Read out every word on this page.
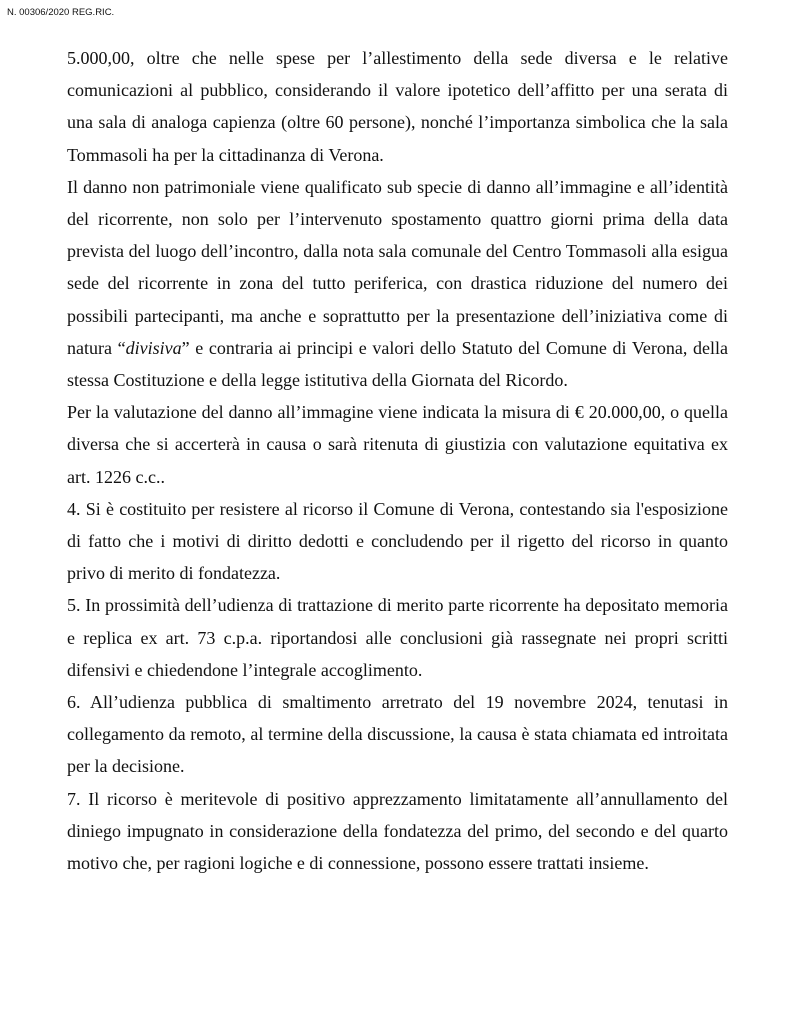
N. 00306/2020 REG.RIC.

5.000,00, oltre che nelle spese per l’allestimento della sede diversa e le relative comunicazioni al pubblico, considerando il valore ipotetico dell’affitto per una serata di una sala di analoga capienza (oltre 60 persone), nonché l’importanza simbolica che la sala Tommasoli ha per la cittadinanza di Verona.

Il danno non patrimoniale viene qualificato sub specie di danno all’immagine e all’identità del ricorrente, non solo per l’intervenuto spostamento quattro giorni prima della data prevista del luogo dell’incontro, dalla nota sala comunale del Centro Tommasoli alla esigua sede del ricorrente in zona del tutto periferica, con drastica riduzione del numero dei possibili partecipanti, ma anche e soprattutto per la presentazione dell’iniziativa come di natura “divisiva” e contraria ai principi e valori dello Statuto del Comune di Verona, della stessa Costituzione e della legge istitutiva della Giornata del Ricordo.

Per la valutazione del danno all’immagine viene indicata la misura di € 20.000,00, o quella diversa che si accerterà in causa o sarà ritenuta di giustizia con valutazione equitativa ex art. 1226 c.c..

4. Si è costituito per resistere al ricorso il Comune di Verona, contestando sia l'esposizione di fatto che i motivi di diritto dedotti e concludendo per il rigetto del ricorso in quanto privo di merito di fondatezza.

5. In prossimità dell’udienza di trattazione di merito parte ricorrente ha depositato memoria e replica ex art. 73 c.p.a. riportandosi alle conclusioni già rassegnate nei propri scritti difensivi e chiedendone l’integrale accoglimento.

6. All’udienza pubblica di smaltimento arretrato del 19 novembre 2024, tenutasi in collegamento da remoto, al termine della discussione, la causa è stata chiamata ed introitata per la decisione.

7. Il ricorso è meritevole di positivo apprezzamento limitatamente all’annullamento del diniego impugnato in considerazione della fondatezza del primo, del secondo e del quarto motivo che, per ragioni logiche e di connessione, possono essere trattati insieme.
